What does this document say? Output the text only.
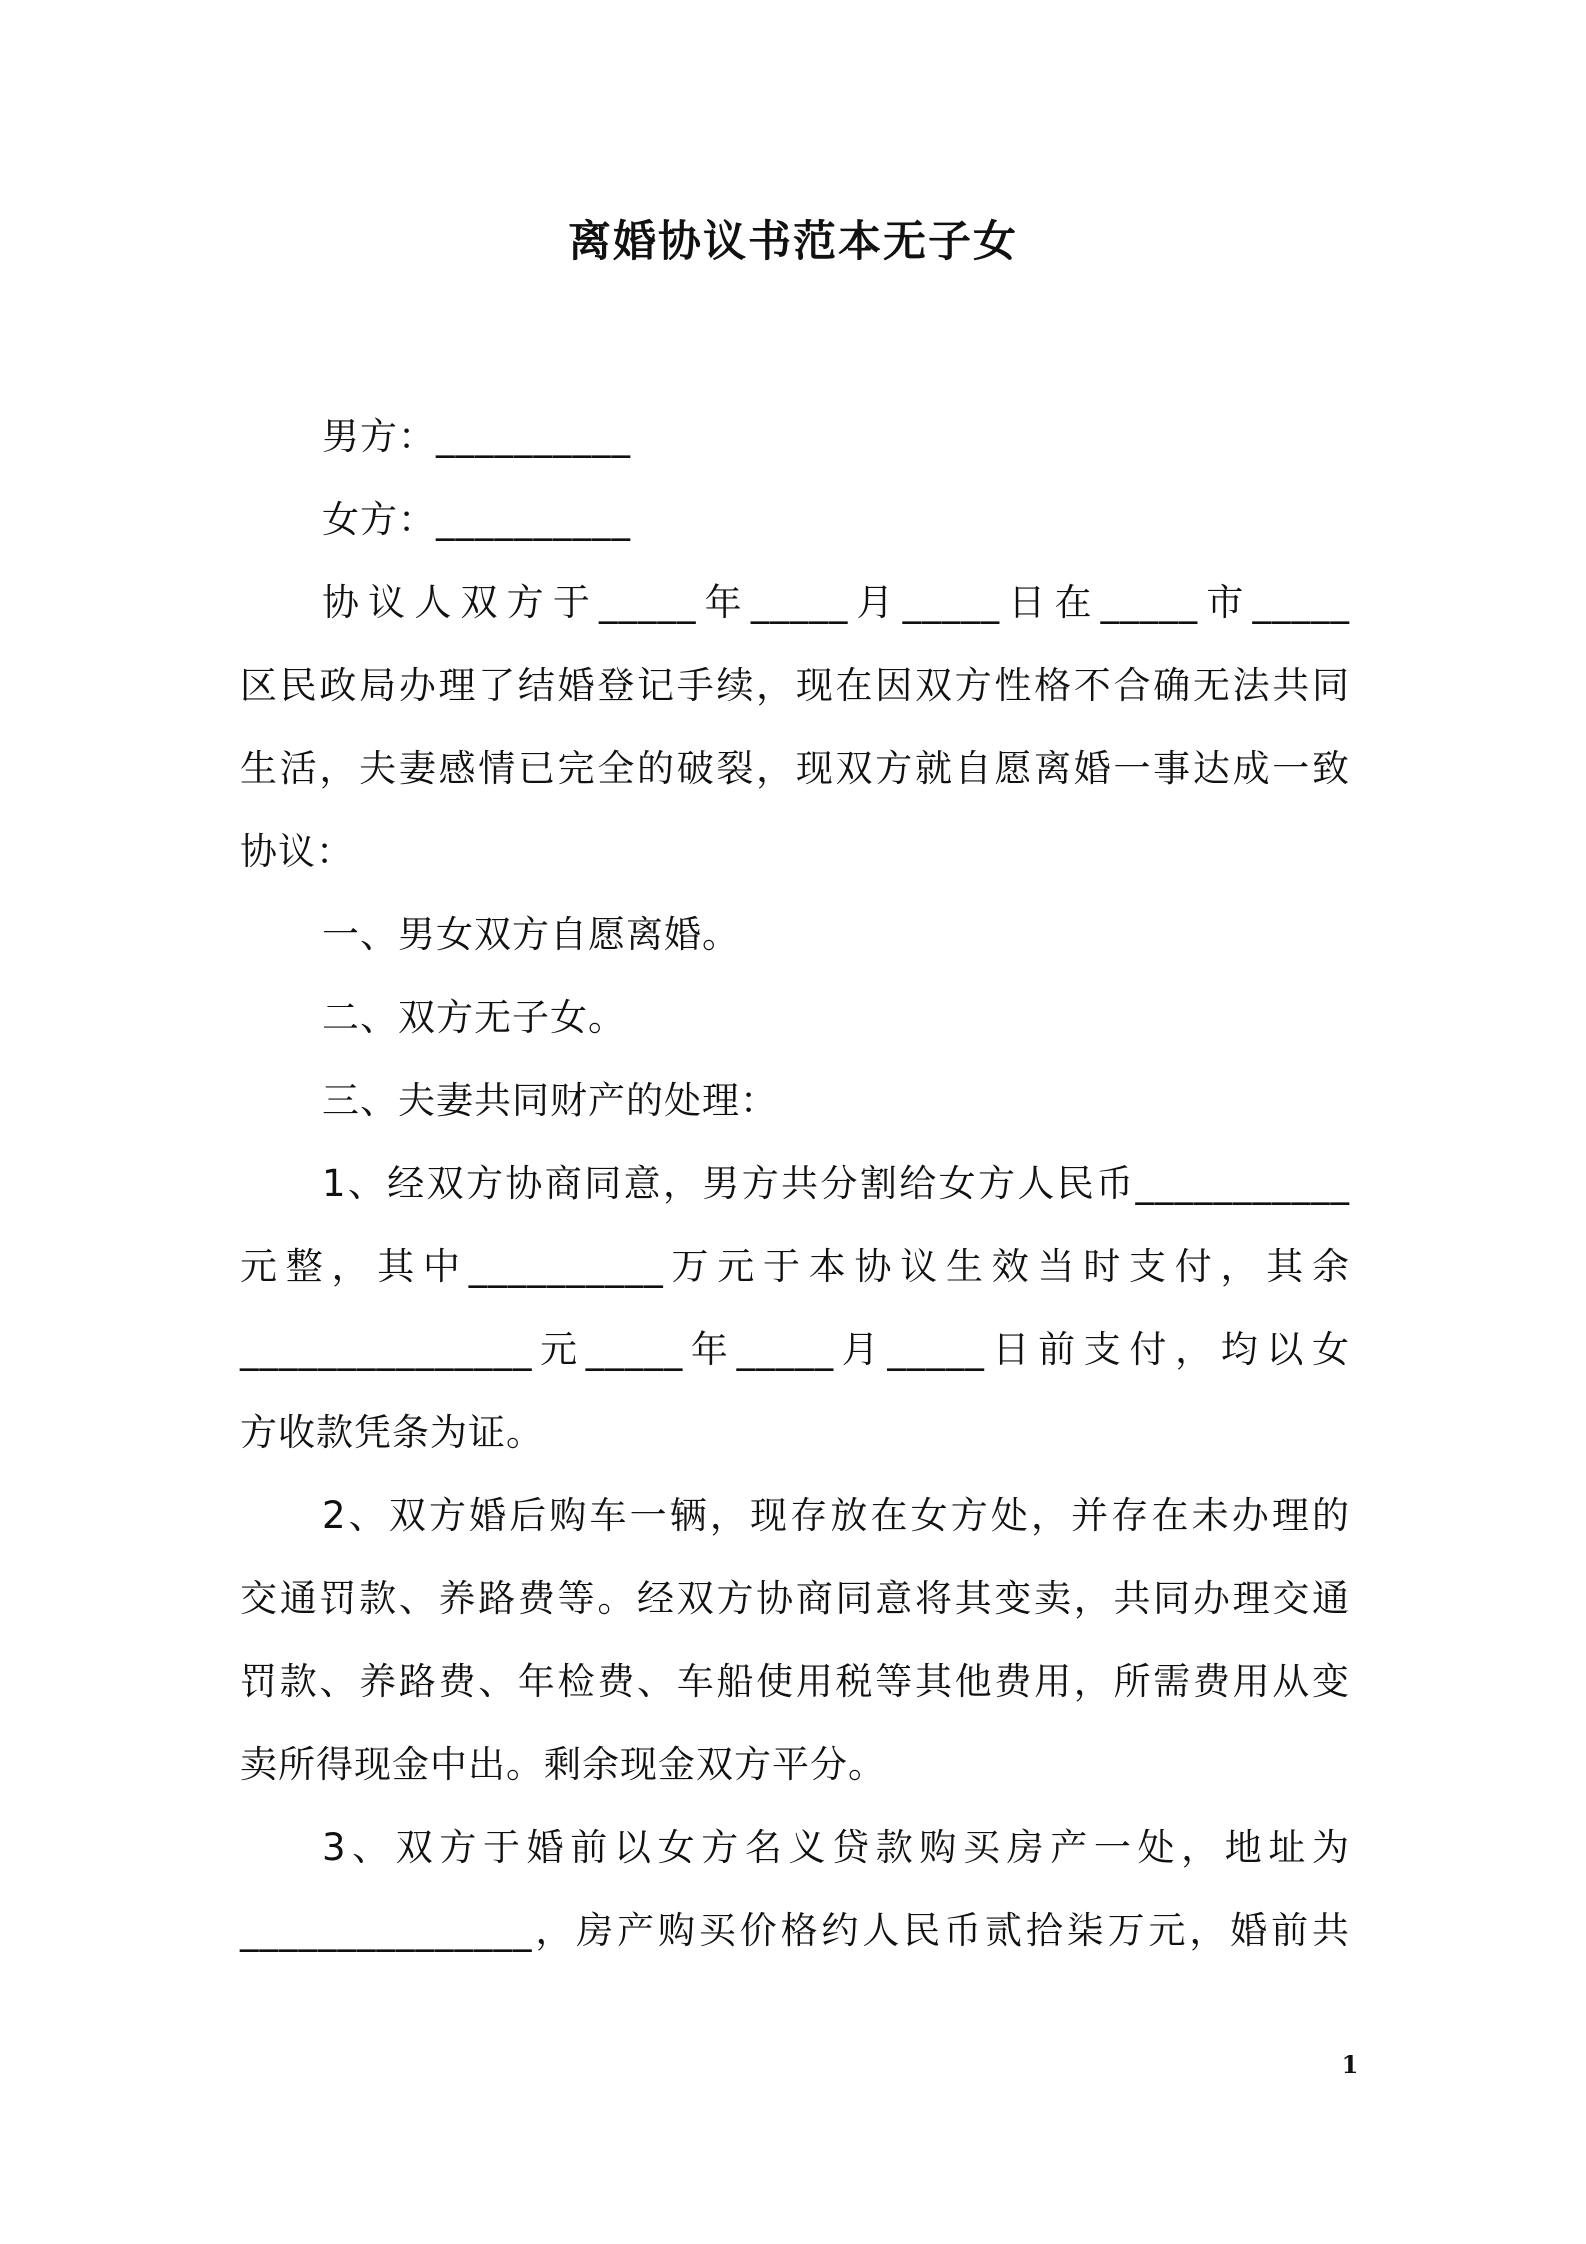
离婚协议书范本无子女
男方：__________
女方：__________
协议人双方于_____年_____月_____日在_____市_____
区民政局办理了结婚登记手续，现在因双方性格不合确无法共同
生活，夫妻感情已完全的破裂，现双方就自愿离婚一事达成一致
协议：
一、男女双方自愿离婚。
二、双方无子女。
三、夫妻共同财产的处理：
1、经双方协商同意，男方共分割给女方人民币___________
元整，其中__________万元于本协议生效当时支付，其余
_______________元_____年_____月_____日前支付，均以女
方收款凭条为证。
2、双方婚后购车一辆，现存放在女方处，并存在未办理的
交通罚款、养路费等。经双方协商同意将其变卖，共同办理交通
罚款、养路费、年检费、车船使用税等其他费用，所需费用从变
卖所得现金中出。剩余现金双方平分。
3、双方于婚前以女方名义贷款购买房产一处，地址为
_______________，房产购买价格约人民币贰拾柒万元，婚前共
1
